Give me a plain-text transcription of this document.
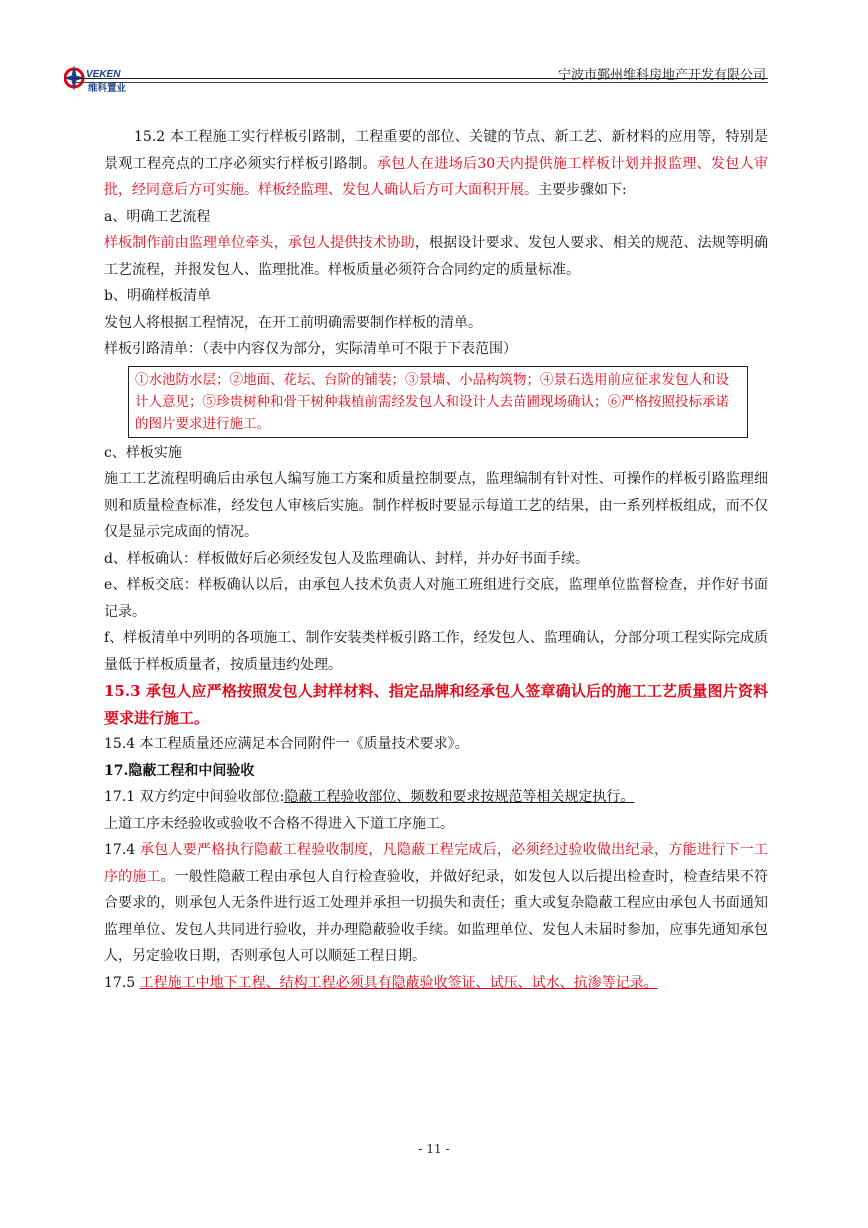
VEKEN
维科置业
宁波市鄞州维科房地产开发有限公司

15.2 本工程施工实行样板引路制，工程重要的部位、关键的节点、新工艺、新材料的应用等，特别是景观工程亮点的工序必须实行样板引路制。承包人在进场后30天内提供施工样板计划并报监理、发包人审批，经同意后方可实施。样板经监理、发包人确认后方可大面积开展。主要步骤如下:

a、明确工艺流程

样板制作前由监理单位牵头，承包人提供技术协助，根据设计要求、发包人要求、相关的规范、法规等明确工艺流程，并报发包人、监理批准。样板质量必须符合合同约定的质量标准。

b、明确样板清单

发包人将根据工程情况，在开工前明确需要制作样板的清单。

样板引路清单：（表中内容仅为部分，实际清单可不限于下表范围）

①水池防水层；②地面、花坛、台阶的铺装；③景墙、小品构筑物；④景石选用前应征求发包人和设计人意见；⑤珍贵树种和骨干树种栽植前需经发包人和设计人去苗圃现场确认；⑥严格按照投标承诺的图片要求进行施工。

c、样板实施

施工工艺流程明确后由承包人编写施工方案和质量控制要点，监理编制有针对性、可操作的样板引路监理细则和质量检查标准，经发包人审核后实施。制作样板时要显示每道工艺的结果，由一系列样板组成，而不仅仅是显示完成面的情况。

d、样板确认：样板做好后必须经发包人及监理确认、封样，并办好书面手续。

e、样板交底：样板确认以后，由承包人技术负责人对施工班组进行交底，监理单位监督检查，并作好书面记录。

f、样板清单中列明的各项施工、制作安装类样板引路工作，经发包人、监理确认，分部分项工程实际完成质量低于样板质量者，按质量违约处理。

15.3 承包人应严格按照发包人封样材料、指定品牌和经承包人签章确认后的施工工艺质量图片资料要求进行施工。

15.4 本工程质量还应满足本合同附件一《质量技术要求》。

17.隐蔽工程和中间验收

17.1 双方约定中间验收部位:隐蔽工程验收部位、频数和要求按规范等相关规定执行。

上道工序未经验收或验收不合格不得进入下道工序施工。

17.4 承包人要严格执行隐蔽工程验收制度，凡隐蔽工程完成后，必须经过验收做出纪录，方能进行下一工序的施工。一般性隐蔽工程由承包人自行检查验收，并做好纪录，如发包人以后提出检查时，检查结果不符合要求的，则承包人无条件进行返工处理并承担一切损失和责任；重大或复杂隐蔽工程应由承包人书面通知监理单位、发包人共同进行验收，并办理隐蔽验收手续。如监理单位、发包人未届时参加，应事先通知承包人，另定验收日期，否则承包人可以顺延工程日期。

17.5 工程施工中地下工程、结构工程必须具有隐蔽验收签证、试压、试水、抗渗等记录。

- 11 -
